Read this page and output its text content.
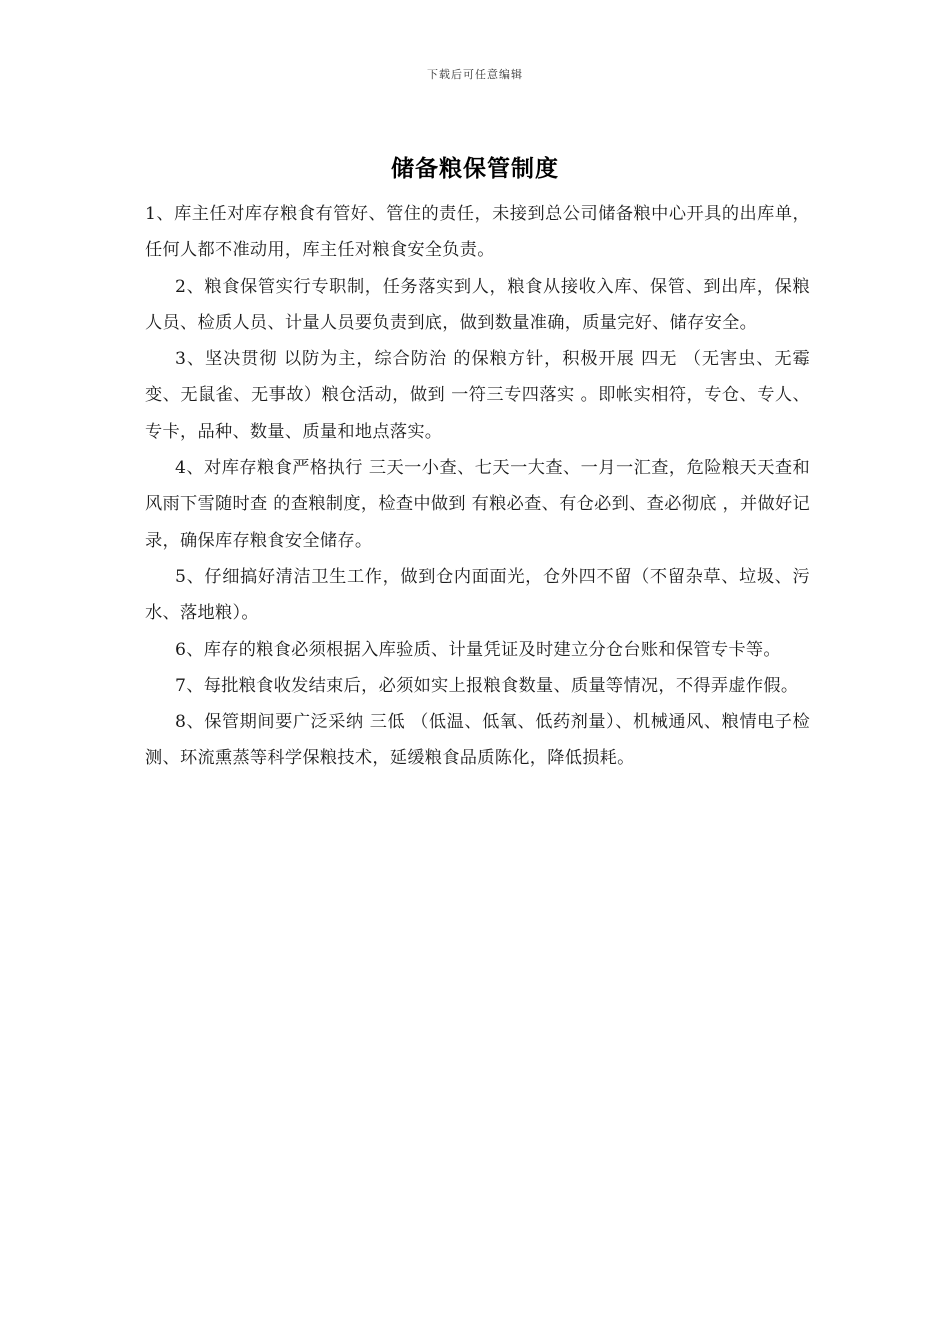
下载后可任意编辑
储备粮保管制度

1、库主任对库存粮食有管好、管住的责任，未接到总公司储备粮中心开具的出库单，任何人都不准动用，库主任对粮食安全负责。

2、粮食保管实行专职制，任务落实到人，粮食从接收入库、保管、到出库，保粮人员、检质人员、计量人员要负责到底，做到数量准确，质量完好、储存安全。

3、坚决贯彻 以防为主，综合防治 的保粮方针，积极开展 四无 （无害虫、无霉变、无鼠雀、无事故）粮仓活动，做到 一符三专四落实 。即帐实相符，专仓、专人、专卡，品种、数量、质量和地点落实。

4、对库存粮食严格执行 三天一小查、七天一大查、一月一汇查，危险粮天天查和风雨下雪随时查 的查粮制度，检查中做到 有粮必查、有仓必到、查必彻底 ，并做好记录，确保库存粮食安全储存。

5、仔细搞好清洁卫生工作，做到仓内面面光，仓外四不留（不留杂草、垃圾、污水、落地粮）。

6、库存的粮食必须根据入库验质、计量凭证及时建立分仓台账和保管专卡等。

7、每批粮食收发结束后，必须如实上报粮食数量、质量等情况，不得弄虚作假。

8、保管期间要广泛采纳 三低 （低温、低氧、低药剂量）、机械通风、粮情电子检测、环流熏蒸等科学保粮技术，延缓粮食品质陈化，降低损耗。
